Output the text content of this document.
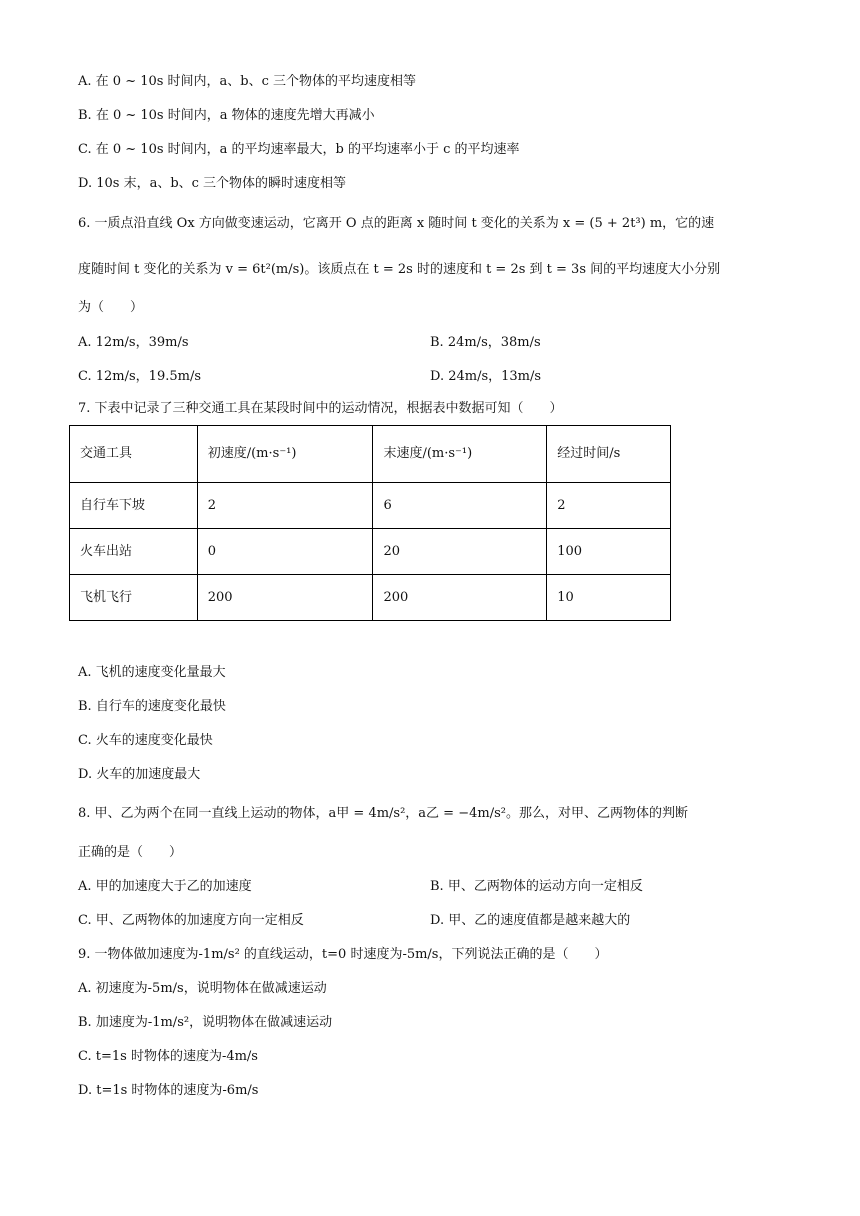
A. 在 0 ~ 10s 时间内，a、b、c 三个物体的平均速度相等
B. 在 0 ~ 10s 时间内，a 物体的速度先增大再减小
C. 在 0 ~ 10s 时间内，a 的平均速率最大，b 的平均速率小于 c 的平均速率
D. 10s 末，a、b、c 三个物体的瞬时速度相等
6. 一质点沿直线 Ox 方向做变速运动，它离开 O 点的距离 x 随时间 t 变化的关系为 x = (5 + 2t³) m，它的速
度随时间 t 变化的关系为 v = 6t²(m/s)。该质点在 t = 2s 时的速度和 t = 2s 到 t = 3s 间的平均速度大小分别
为（　　）
A. 12m/s，39m/s	B. 24m/s，38m/s
C. 12m/s，19.5m/s	D. 24m/s，13m/s
7. 下表中记录了三种交通工具在某段时间中的运动情况，根据表中数据可知（　　）
交通工具	初速度/(m·s⁻¹)	末速度/(m·s⁻¹)	经过时间/s
自行车下坡	2	6	2
火车出站	0	20	100
飞机飞行	200	200	10
A. 飞机的速度变化量最大
B. 自行车的速度变化最快
C. 火车的速度变化最快
D. 火车的加速度最大
8. 甲、乙为两个在同一直线上运动的物体，a甲 = 4m/s²，a乙 = −4m/s²。那么，对甲、乙两物体的判断
正确的是（　　）
A. 甲的加速度大于乙的加速度	B. 甲、乙两物体的运动方向一定相反
C. 甲、乙两物体的加速度方向一定相反	D. 甲、乙的速度值都是越来越大的
9. 一物体做加速度为-1m/s² 的直线运动，t=0 时速度为-5m/s，下列说法正确的是（　　）
A. 初速度为-5m/s，说明物体在做减速运动
B. 加速度为-1m/s²，说明物体在做减速运动
C. t=1s 时物体的速度为-4m/s
D. t=1s 时物体的速度为-6m/s
